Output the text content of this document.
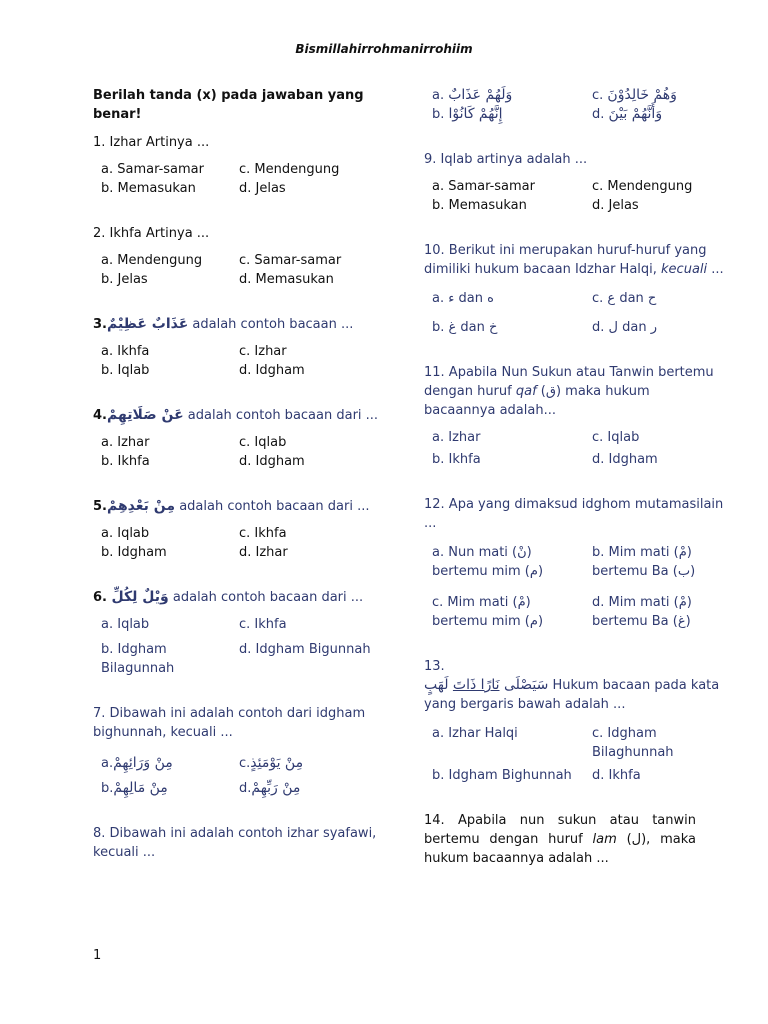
Bismillahirrohmanirrohiim
Berilah tanda (x) pada jawaban yang benar!

1. Izhar Artinya ...

a. Samar-samar	c. Mendengung
b. Memasukan	d. Jelas

2. Ikhfa Artinya ...

a. Mendengung	c. Samar-samar
b. Jelas	d. Memasukan

3.عَذَابٌ عَظِيْمٌ adalah contoh bacaan ...

a. Ikhfa	c. Izhar
b. Iqlab	d. Idgham

4.عَنْ صَلَاتِهِمْ adalah contoh bacaan dari ...

a. Izhar	c. Iqlab
b. Ikhfa	d. Idgham

5.مِنْ بَعْدِهِمْ adalah contoh bacaan dari ...

a. Iqlab	c. Ikhfa
b. Idgham	d. Izhar

6. وَيْلٌ لِكُلِّ adalah contoh bacaan dari ...

a. Iqlab	c. Ikhfa
b. Idgham Bilagunnah
d. Idgham Bigunnah

7. Dibawah ini adalah contoh dari idgham bighunnah, kecuali ...

a.مِنْ وَرَائِهِمْ	c.مِنْ يَوْمَئِذٍ
b.مِنْ مَالِهِمْ	d.مِنْ رَبِّهِمْ

8. Dibawah ini adalah contoh izhar syafawi, kecuali ...

a. وَلَهُمْ عَذَابٌ	c. وَهُمْ خَالِدُوْنَ
b. إِنَّهُمْ كَانُوْا	d. وَأَنَّهُمْ بَيْنَ

9. Iqlab artinya adalah ...

a. Samar-samar	c. Mendengung
b. Memasukan	d. Jelas

10. Berikut ini merupakan huruf-huruf yang dimiliki hukum bacaan Idzhar Halqi, kecuali ...

a. ء dan ه	c. ع dan ح
b. غ dan خ	d. ل dan ر

11. Apabila Nun Sukun atau Tanwin bertemu dengan huruf qaf (ق) maka hukum bacaannya adalah...

a. Izhar	c. Iqlab
b. Ikhfa	d. Idgham

12. Apa yang dimaksud idghom mutamasilain ...

a. Nun mati (نْ) bertemu mim (م)
b. Mim mati (مْ) bertemu Ba (ب)
c. Mim mati (مْ) bertemu mim (م)
d. Mim mati (مْ) bertemu Ba (غ)

13.

سَيَصْلَى نَارًا ذَاتَ لَهَبٍ	Hukum bacaan pada kata yang bergaris bawah adalah ...

a. Izhar Halqi	c. Idgham Bilaghunnah
b. Idgham Bighunnah	d. Ikhfa

14. Apabila nun sukun atau tanwin bertemu dengan huruf lam (ل), maka hukum bacaannya adalah ...

1
